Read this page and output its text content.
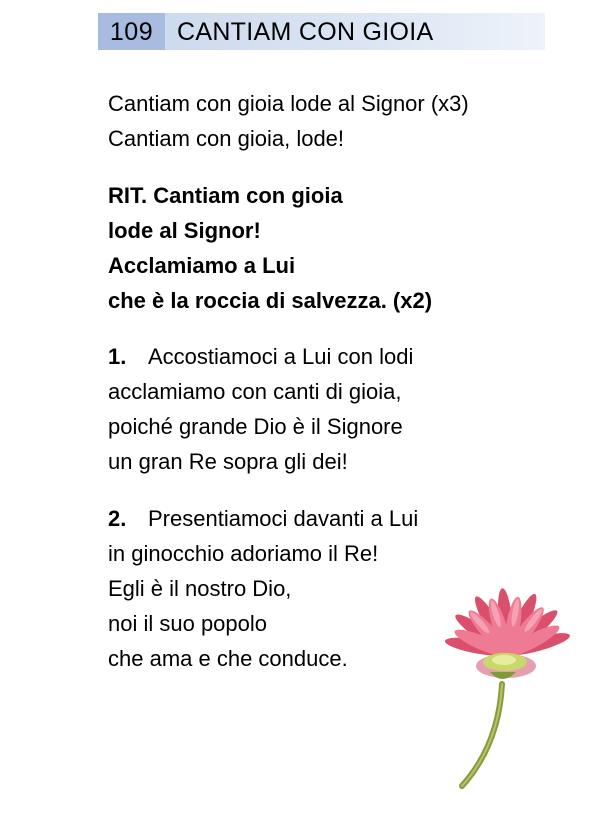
109 CANTIAM CON GIOIA
Cantiam con gioia lode al Signor (x3)
Cantiam con gioia, lode!
RIT. Cantiam con gioia
lode al Signor!
Acclamiamo a Lui
che è la roccia di salvezza. (x2)
1. Accostiamoci a Lui con lodi
acclamiamo con canti di gioia,
poiché grande Dio è il Signore
un gran Re sopra gli dei!
2. Presentiamoci davanti a Lui
in ginocchio adoriamo il Re!
Egli è il nostro Dio,
noi il suo popolo
che ama e che conduce.
